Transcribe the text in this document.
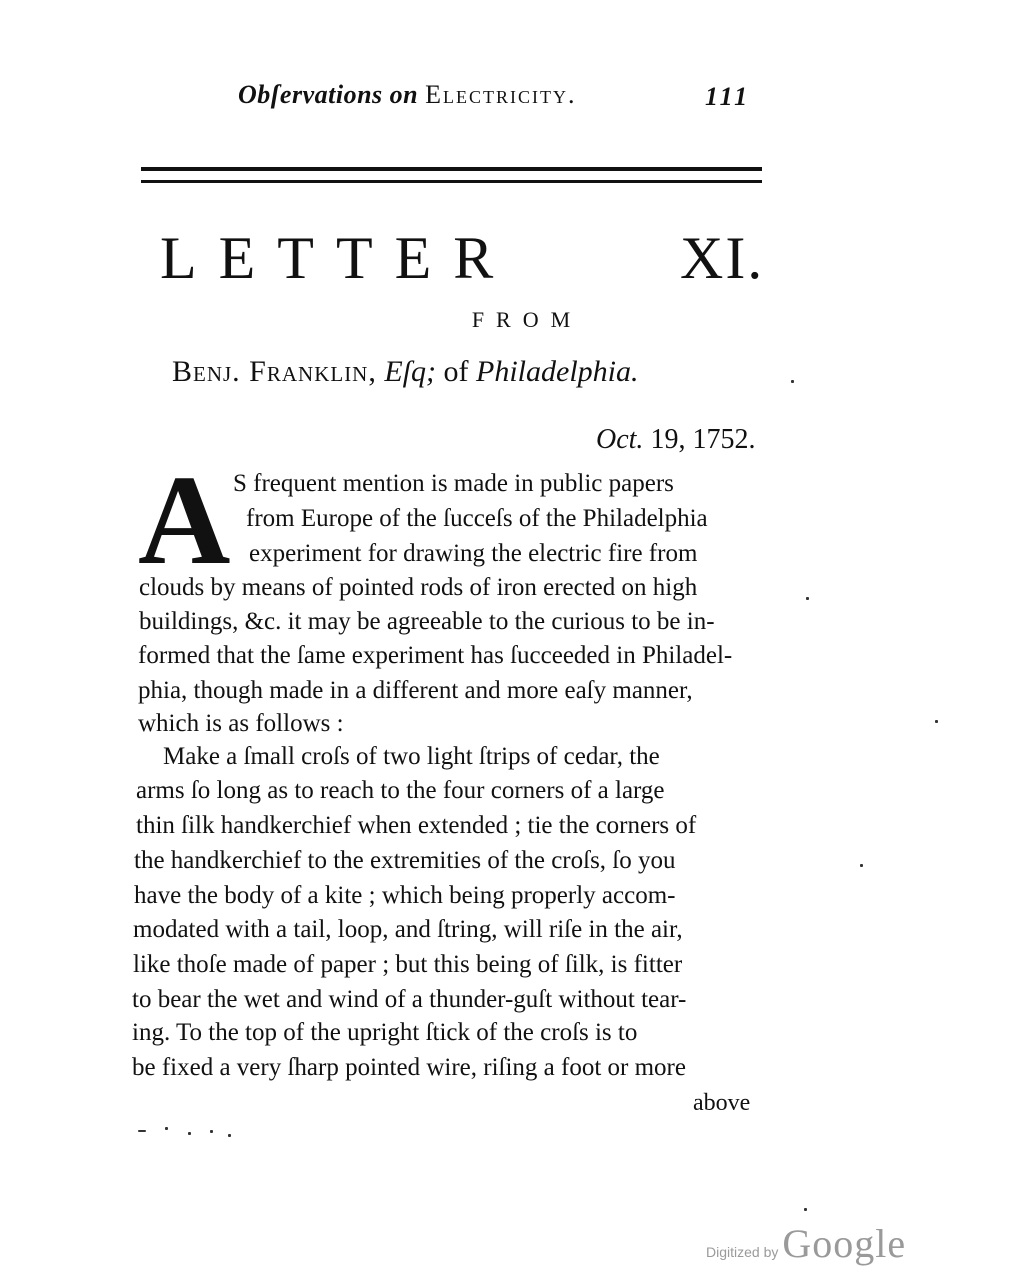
Obſervations on Electricity.	111
LETTER	XI.
FROM
Benj. Franklin, Eſq; of Philadelphia.
Oct. 19, 1752.
A S frequent mention is made in public papers
from Europe of the ſucceſs of the Philadelphia
experiment for drawing the electric fire from
clouds by means of pointed rods of iron erected on high
buildings, &c. it may be agreeable to the curious to be in-
formed that the ſame experiment has ſucceeded in Philadel-
phia, though made in a different and more eaſy manner,
which is as follows :
Make a ſmall croſs of two light ſtrips of cedar, the
arms ſo long as to reach to the four corners of a large
thin ſilk handkerchief when extended ; tie the corners of
the handkerchief to the extremities of the croſs, ſo you
have the body of a kite ; which being properly accom-
modated with a tail, loop, and ſtring, will riſe in the air,
like thoſe made of paper ; but this being of ſilk, is fitter
to bear the wet and wind of a thunder-guſt without tear-
ing. To the top of the upright ſtick of the croſs is to
be fixed a very ſharp pointed wire, riſing a foot or more
above
Digitized by Google
